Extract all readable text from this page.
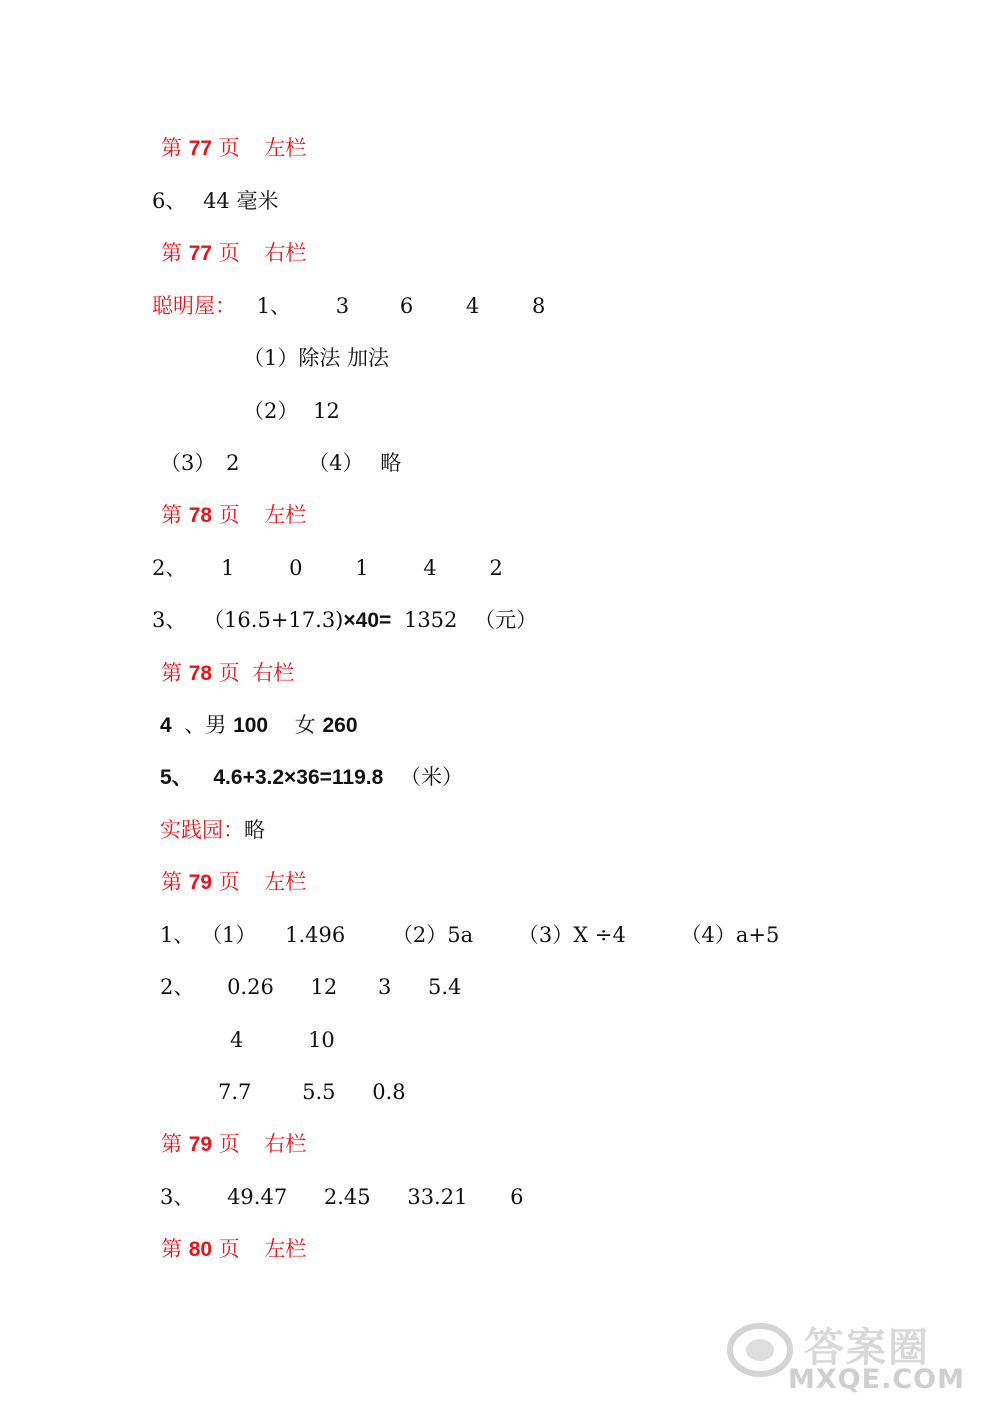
第 77 页 左栏
6、 44 毫米
第 77 页 右栏
聪明屋： 1、 3 6	4	8
（1）除法 加法
（2） 12
（3） 2	（4） 略
第 78 页 左栏
2、 1	0	1	4	2
3、 （16.5+17.3)×40= 1352 （元）
第 78 页 右栏
4 、男 100 女 260
5、 4.6+3.2×36=119.8 （米）
实践园：略
第 79 页 左栏
1、 （1） 1.496 （2）5a （3）X ÷4	（4）a+5
2、 0.26 12 3 5.4
4	10
7.7 5.5 0.8
第 79 页 右栏
3、 49.47 2.45 33.21 6
第 80 页 左栏
答案圈
MXQE.COM
